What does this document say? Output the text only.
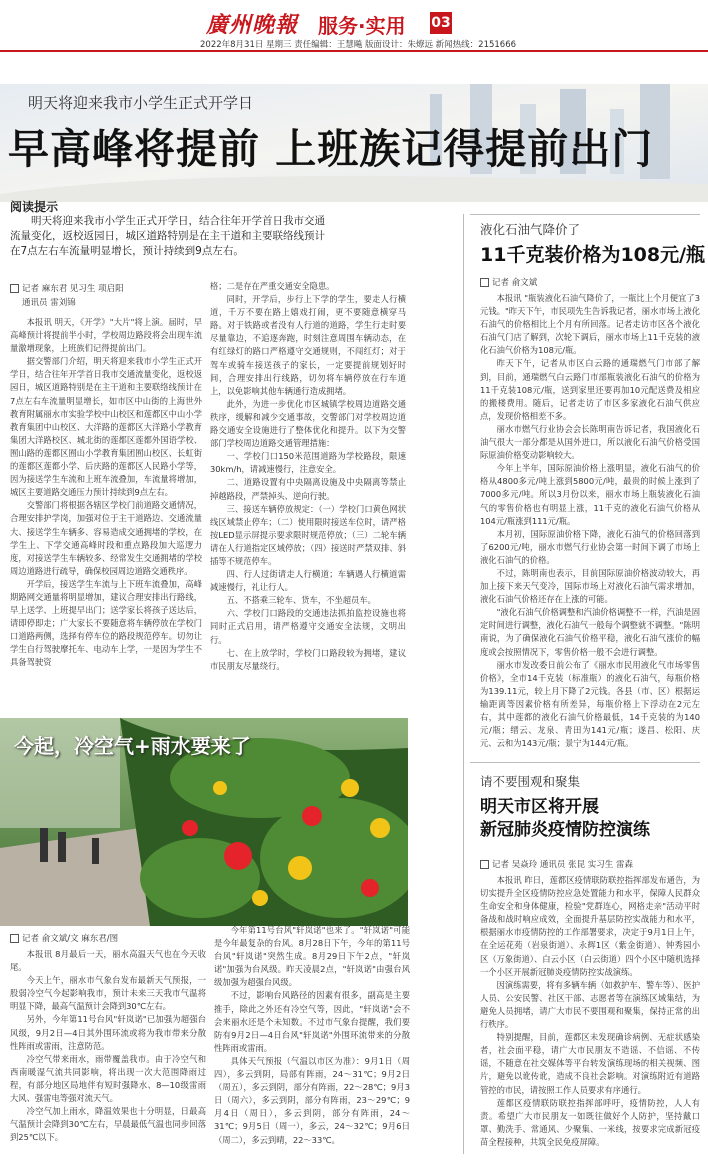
廣州晚報 服务·实用 03
2022年8月31日 星期三 责任编辑：王慧飚 版面设计：朱燎远 新闻热线：2151666
明天将迎来我市小学生正式开学日
早高峰将提前 上班族记得提前出门
阅读提示
明天将迎来我市小学生正式开学日，结合往年开学首日我市交通流量变化，返校返园日，城区道路特别是在主干道和主要联络线预计在7点左右车流量明显增长，预计持续到9点左右。
记者 麻东君 见习生 项启阳
通讯员 雷刘锦

本报讯 明天，《开学》"大片"将上演。届时，早高峰预计将提前半小时，学校周边路段将会出现车流量激增现象，上班族们记得提前出门。

据交警部门介绍，明天将迎来我市小学生正式开学日，结合往年开学首日我市交通流量变化，返校返园日，城区道路特别是在主干道和主要联络线预计在7点左右车流量明显增长，如市区中山街的上海世外教育附属丽水市实验学校中山校区和莲都区中山小学教育集团中山校区、大洋路的莲都区大洋路小学教育集团大洋路校区、城北街的莲都区莲都外国语学校、囿山路的莲都区囿山小学教育集团囿山校区、长虹街的莲都区莲都小学、后庆路的莲都区人民路小学等，因为接送学生车流和上班车流叠加，车流量将增加，城区主要道路交通压力预计持续到9点左右。

交警部门将根据各辖区学校门前道路交通情况，合理安排护学岗，加强对位于主干道路边、交通流量大、接送学生车辆多、容易造成交通拥堵的学校，在学生上、下学交通高峰时段和重点路段加大巡逻力度，对接送学生车辆较多、经常发生交通拥堵的学校周边道路进行疏导，确保校园周边道路交通秩序。

开学后，接送学生车流与上下班车流叠加，高峰期路网交通量将明显增加，建议合理安排出行路线，早上送学、上班提早出门；送学家长将孩子送达后，请即停即走；广大家长不要随意将车辆停放在学校门口道路两侧，选择有停车位的路段规范停车。切勿让学生自行驾驶摩托车、电动车上学，一是因为学生不具备驾驶资

格；二是存在严重交通安全隐患。

同时，开学后，步行上下学的学生，要走人行横道，千万不要在路上嬉戏打闹，更不要随意横穿马路。对于铁路或者没有人行道的道路，学生行走时要尽量靠边，不追逐奔跑，时刻注意周围车辆动态，在有红绿灯的路口严格遵守交通规则，不闯红灯；对于驾车或骑车接送孩子的家长，一定要提前规划好时间，合理安排出行线路，切勿将车辆停放在行车道上，以免影响其他车辆通行造成拥堵。

此外，为进一步优化市区城镇学校周边道路交通秩序，缓解和减少交通事故，交警部门对学校周边道路交通安全设施进行了整体优化和提升。以下为交警部门学校周边道路交通管理措施：

一、学校门口150米范围道路为学校路段，限速30km/h，请减速慢行，注意安全。

二、道路设置有中央隔离设施及中央隔离等禁止掉越路段，严禁掉头、逆向行驶。

三、接送车辆停放规定：（一）学校门口黄色网状线区域禁止停车；（二）使用限时接送车位时，请严格按LED显示屏提示要求限时规范停放；（三）二轮车辆请在人行道指定区域停放；（四）接送时严禁双排、斜插等不规范停车。

四、行人过街请走人行横道；车辆遇人行横道需减速慢行，礼让行人。

五、不搭乘三轮车、货车，不坐超员车。

六、学校门口路段的交通违法抓拍监控设施也将同时正式启用，请严格遵守交通安全法规，文明出行。

七、在上放学时，学校门口路段较为拥堵，建议市民朋友尽量绕行。

液化石油气降价了
11千克装价格为108元/瓶
记者 俞文斌

本报讯 "瓶装液化石油气降价了，一瓶比上个月便宜了3元钱。"昨天下午，市民项先生告诉我记者，丽水市场上液化石油气的价格相比上个月有所回落。记者走访市区各个液化石油气门店了解到，次轮下调后，丽水市场上11千克装的液化石油气价格为108元/瓶。

昨天下午，记者从市区白云路的通瑞燃气门市部了解到，目前，通瑞燃气白云路门市部瓶装液化石油气的价格为11千克装108元/瓶，送到家里还要再加10元配送费及相应的搬楼费用。随后，记者走访了市区多家液化石油气供应点，发现价格相差不多。

丽水市燃气行业协会会长陈明南告诉记者，我国液化石油气很大一部分都是从国外进口，所以液化石油气价格受国际原油价格变动影响较大。

今年上半年，国际原油价格上涨明显，液化石油气的价格从4800多元/吨上涨到5800元/吨，最贵的时候上涨到了7000多元/吨。所以3月份以来，丽水市场上瓶装液化石油气的零售价格也有明显上涨，11千克的液化石油气价格从104元/瓶涨到111元/瓶。

本月初，国际原油价格下降，液化石油气的价格回落到了6200元/吨，丽水市燃气行业协会第一时间下调了市场上液化石油气的价格。

不过，陈明南也表示，目前国际原油价格波动较大，再加上接下来天气变冷，国际市场上对液化石油气需求增加，液化石油气价格还存在上涨的可能。

"液化石油气价格调整和汽油价格调整不一样，汽油是固定时间进行调整，液化石油气一般每个调整就不调整。"陈明南说，为了确保液化石油气价格平稳，液化石油气涨价的幅度或会按照情况下，零售价格一般不会进行调整。

丽水市发改委日前公布了《丽水市民用液化气市场零售价格》，全市14千克装（标准瓶）的液化石油气，每瓶价格为139.11元，较上月下降了2元钱。各县（市、区）根据运输距离等因素价格有所差异，每瓶价格上下浮动在2元左右，其中莲都的液化石油气价格最低，14千克装的为140元/瓶；缙云、龙泉、青田为141元/瓶；遂昌、松阳、庆元、云和为143元/瓶；景宁为144元/瓶。

今起，冷空气+雨水要来了
记者 俞文斌/文 麻东君/图

本报讯 8月最后一天，丽水高温天气也在今天收尾。

今天上午，丽水市气象台发布最新天气预报，一股弱冷空气今起影响我市，预计未来三天我市气温将明显下降，最高气温预计会降到30℃左右。

另外，今年第11号台风"轩岚诺"已加强为超强台风级，9月2日—4日其外围环流或将为我市带来分散性阵雨或雷雨，注意防范。

冷空气带来雨水，雨带覆盖我市。由于冷空气和西南暖湿气流共同影响，将出现一次大范围降雨过程，有部分地区局地伴有短时强降水、8—10级雷雨大风、强雷电等强对流天气。

冷空气加上雨水，降温效果也十分明显，日最高气温预计会降到30℃左右，早晨最低气温也同步回落到25℃以下。

今年第11号台风"轩岚诺"也来了。"轩岚诺"可能是今年最复杂的台风。8月28日下午，今年的第11号台风"轩岚诺"突然生成。8月29日下午2点，"轩岚诺"加强为台风级。昨天凌晨2点，"轩岚诺"由强台风级加强为超强台风级。

不过，影响台风路径的因素有很多，副高是主要推手，除此之外还有冷空气等，因此，"轩岚诺"会不会来丽水还是个未知数。不过市气象台提醒，我们要防有9月2日—4日台风"轩岚诺"外围环流带来的分散性阵雨或雷雨。

具体天气预报（气温以市区为准）：9月1日（周四），多云到阴，局部有阵雨，24～31℃；9月2日（周五），多云到阴，部分有阵雨，22～28℃；9月3日（周六），多云到阴，部分有阵雨，23～29℃；9月4日（周日），多云到阴，部分有阵雨，24～31℃；9月5日（周一），多云，24～32℃；9月6日（周二），多云到晴，22～33℃。

请不要围观和聚集
明天市区将开展
新冠肺炎疫情防控演练
记者 吴焱玲 通讯员 张昆 实习生 雷森

本报讯 昨日，莲都区疫情联防联控指挥部发布通告，为切实提升全区疫情防控应急处置能力和水平，保障人民群众生命安全和身体健康，检验"党群连心，网格走亲"活动平时备战和战时响应成效，全面提升基层防控实战能力和水平，根据丽水市疫情防控的工作部署要求，决定于9月1日上午，在全运花苑（岩泉街道）、永辉1区（紫金街道）、钟秀园小区（万象街道）、白云小区（白云街道）四个小区中随机选择一个小区开展新冠肺炎疫情防控实战演练。

因演练需要，将有多辆车辆（如救护车、警车等）、医护人员、公安民警、社区干部、志愿者等在演练区域集结，为避免人员拥堵，请广大市民不要围观和聚集，保持正常的出行秩序。

特别提醒，目前，莲都区未发现确诊病例、无症状感染者，社会面平稳，请广大市民朋友不造谣、不信谣、不传谣，不随意在社交媒体等平台转发演练现场的相关视频、图片，避免以讹传讹，造成不良社会影响。对演练附近有道路管控的市民，请按照工作人员要求有序通行。

莲都区疫情联防联控指挥部呼吁，疫情防控，人人有责。希望广大市民朋友一如既往做好个人防护，坚持戴口罩、勤洗手、常通风、少聚集、一米线，按要求完成新冠疫苗全程接种，共筑全民免疫屏障。
